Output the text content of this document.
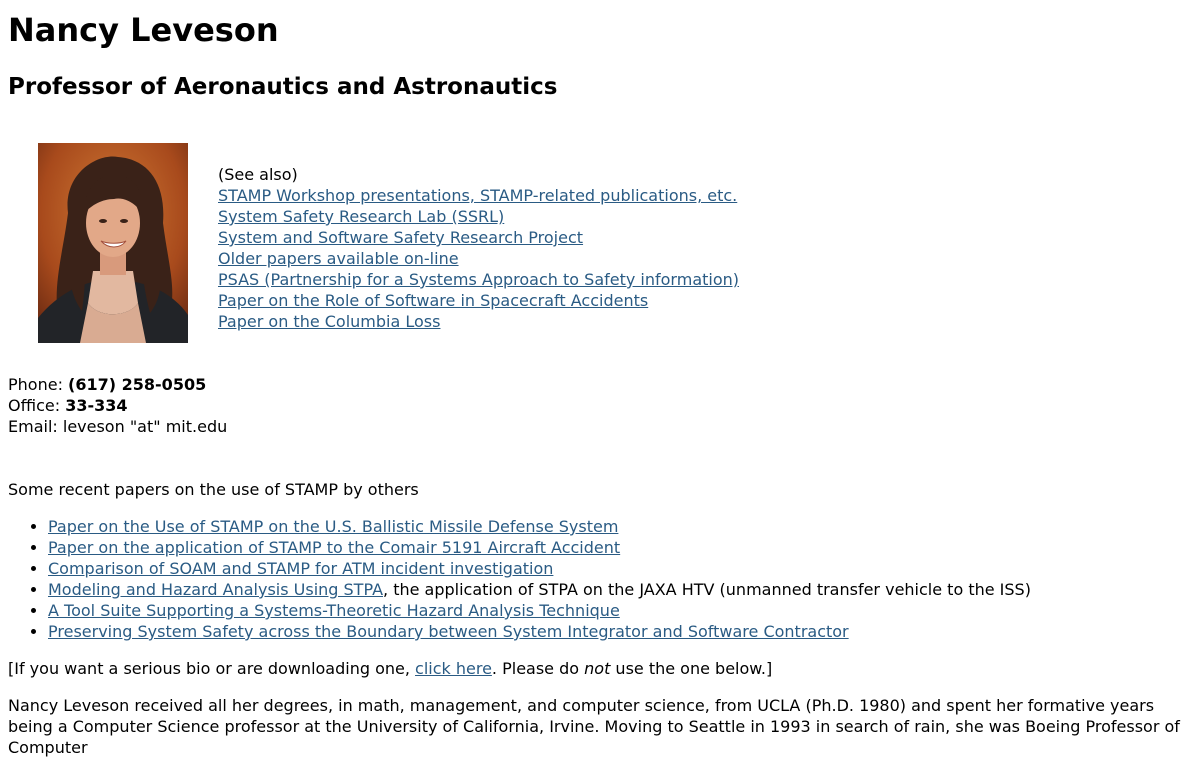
Nancy Leveson
Professor of Aeronautics and Astronautics
(See also)
STAMP Workshop presentations, STAMP-related publications, etc.
System Safety Research Lab (SSRL)
System and Software Safety Research Project
Older papers available on-line
PSAS (Partnership for a Systems Approach to Safety information)
Paper on the Role of Software in Spacecraft Accidents
Paper on the Columbia Loss
Phone: (617) 258-0505
Office: 33-334
Email: leveson "at" mit.edu
Some recent papers on the use of STAMP by others
• Paper on the Use of STAMP on the U.S. Ballistic Missile Defense System
• Paper on the application of STAMP to the Comair 5191 Aircraft Accident
• Comparison of SOAM and STAMP for ATM incident investigation
• Modeling and Hazard Analysis Using STPA, the application of STPA on the JAXA HTV (unmanned transfer vehicle to the ISS)
• A Tool Suite Supporting a Systems-Theoretic Hazard Analysis Technique
• Preserving System Safety across the Boundary between System Integrator and Software Contractor
[If you want a serious bio or are downloading one, click here. Please do not use the one below.]
Nancy Leveson received all her degrees, in math, management, and computer science, from UCLA (Ph.D. 1980) and spent her formative years being a Computer Science professor at the University of California, Irvine. Moving to Seattle in 1993 in search of rain, she was Boeing Professor of Computer
